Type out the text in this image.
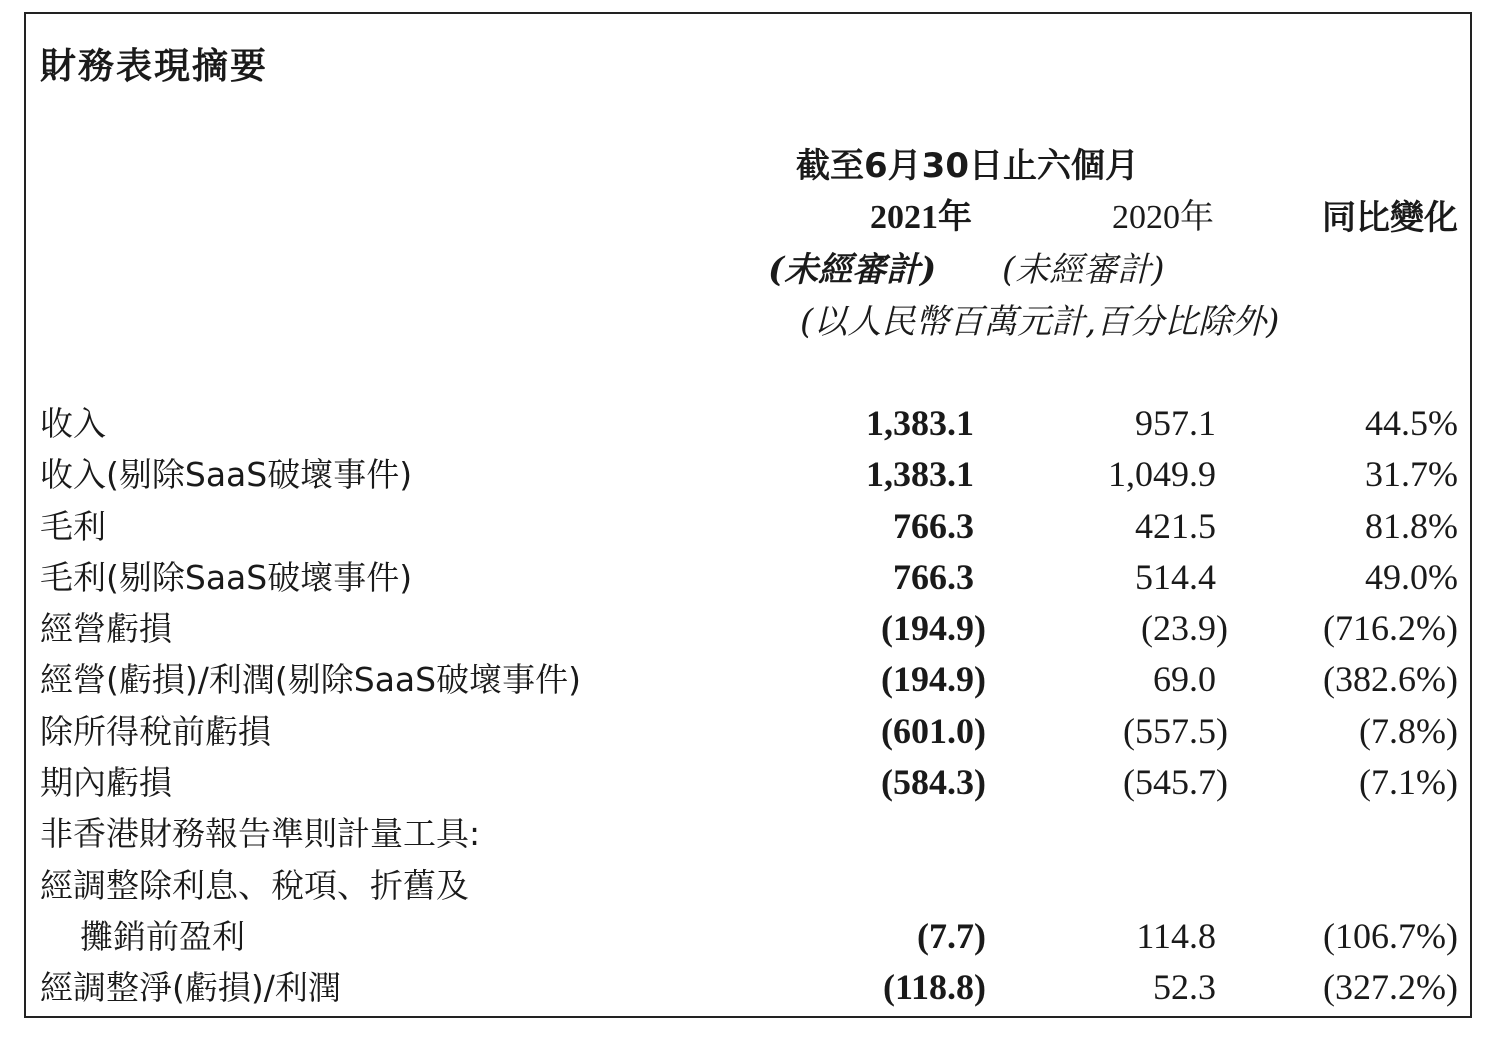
財務表現摘要
截至6月30日止六個月
2021年	2020年	同比變化
(未經審計) (未經審計)
(以人民幣百萬元計,百分比除外)
收入	1,383.1	957.1	44.5%
收入(剔除SaaS破壞事件)	1,383.1	1,049.9	31.7%
毛利	766.3	421.5	81.8%
毛利(剔除SaaS破壞事件)	766.3	514.4	49.0%
經營虧損	(194.9)	(23.9)	(716.2%)
經營(虧損)/利潤(剔除SaaS破壞事件)	(194.9)	69.0	(382.6%)
除所得稅前虧損	(601.0)	(557.5)	(7.8%)
期內虧損	(584.3)	(545.7)	(7.1%)
非香港財務報告準則計量工具:
經調整除利息、稅項、折舊及
攤銷前盈利	(7.7)	114.8	(106.7%)
經調整淨(虧損)/利潤	(118.8)	52.3	(327.2%)
